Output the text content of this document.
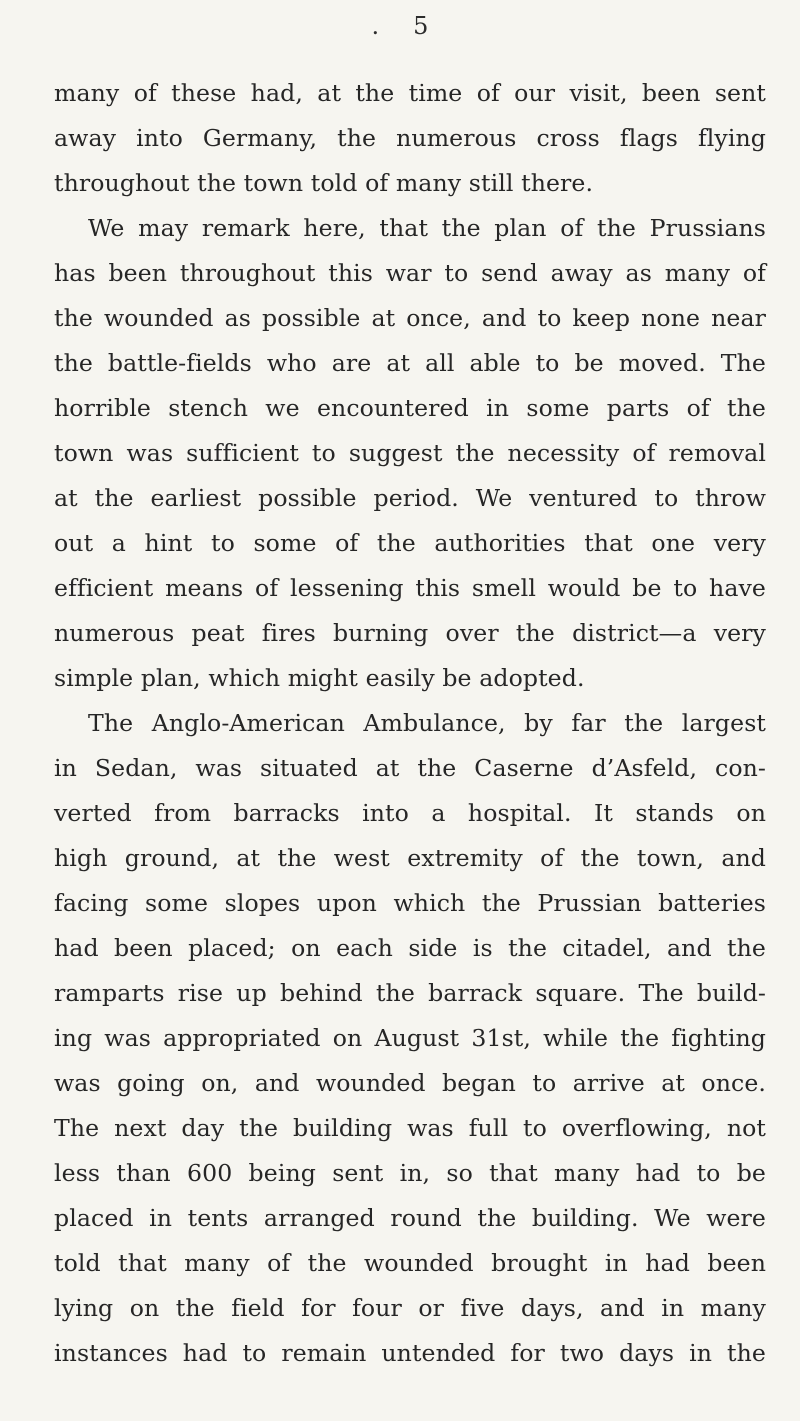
. 5
many of these had, at the time of our visit, been sent
away into Germany, the numerous cross flags flying
throughout the town told of many still there.
We may remark here, that the plan of the Prussians
has been throughout this war to send away as many of
the wounded as possible at once, and to keep none near
the battle-fields who are at all able to be moved. The
horrible stench we encountered in some parts of the
town was sufficient to suggest the necessity of removal
at the earliest possible period. We ventured to throw
out a hint to some of the authorities that one very
efficient means of lessening this smell would be to have
numerous peat fires burning over the district—a very
simple plan, which might easily be adopted.
The Anglo-American Ambulance, by far the largest
in Sedan, was situated at the Caserne d’Asfeld, con-
verted from barracks into a hospital. It stands on
high ground, at the west extremity of the town, and
facing some slopes upon which the Prussian batteries
had been placed; on each side is the citadel, and the
ramparts rise up behind the barrack square. The build-
ing was appropriated on August 31st, while the fighting
was going on, and wounded began to arrive at once.
The next day the building was full to overflowing, not
less than 600 being sent in, so that many had to be
placed in tents arranged round the building. We were
told that many of the wounded brought in had been
lying on the field for four or five days, and in many
instances had to remain untended for two days in the
